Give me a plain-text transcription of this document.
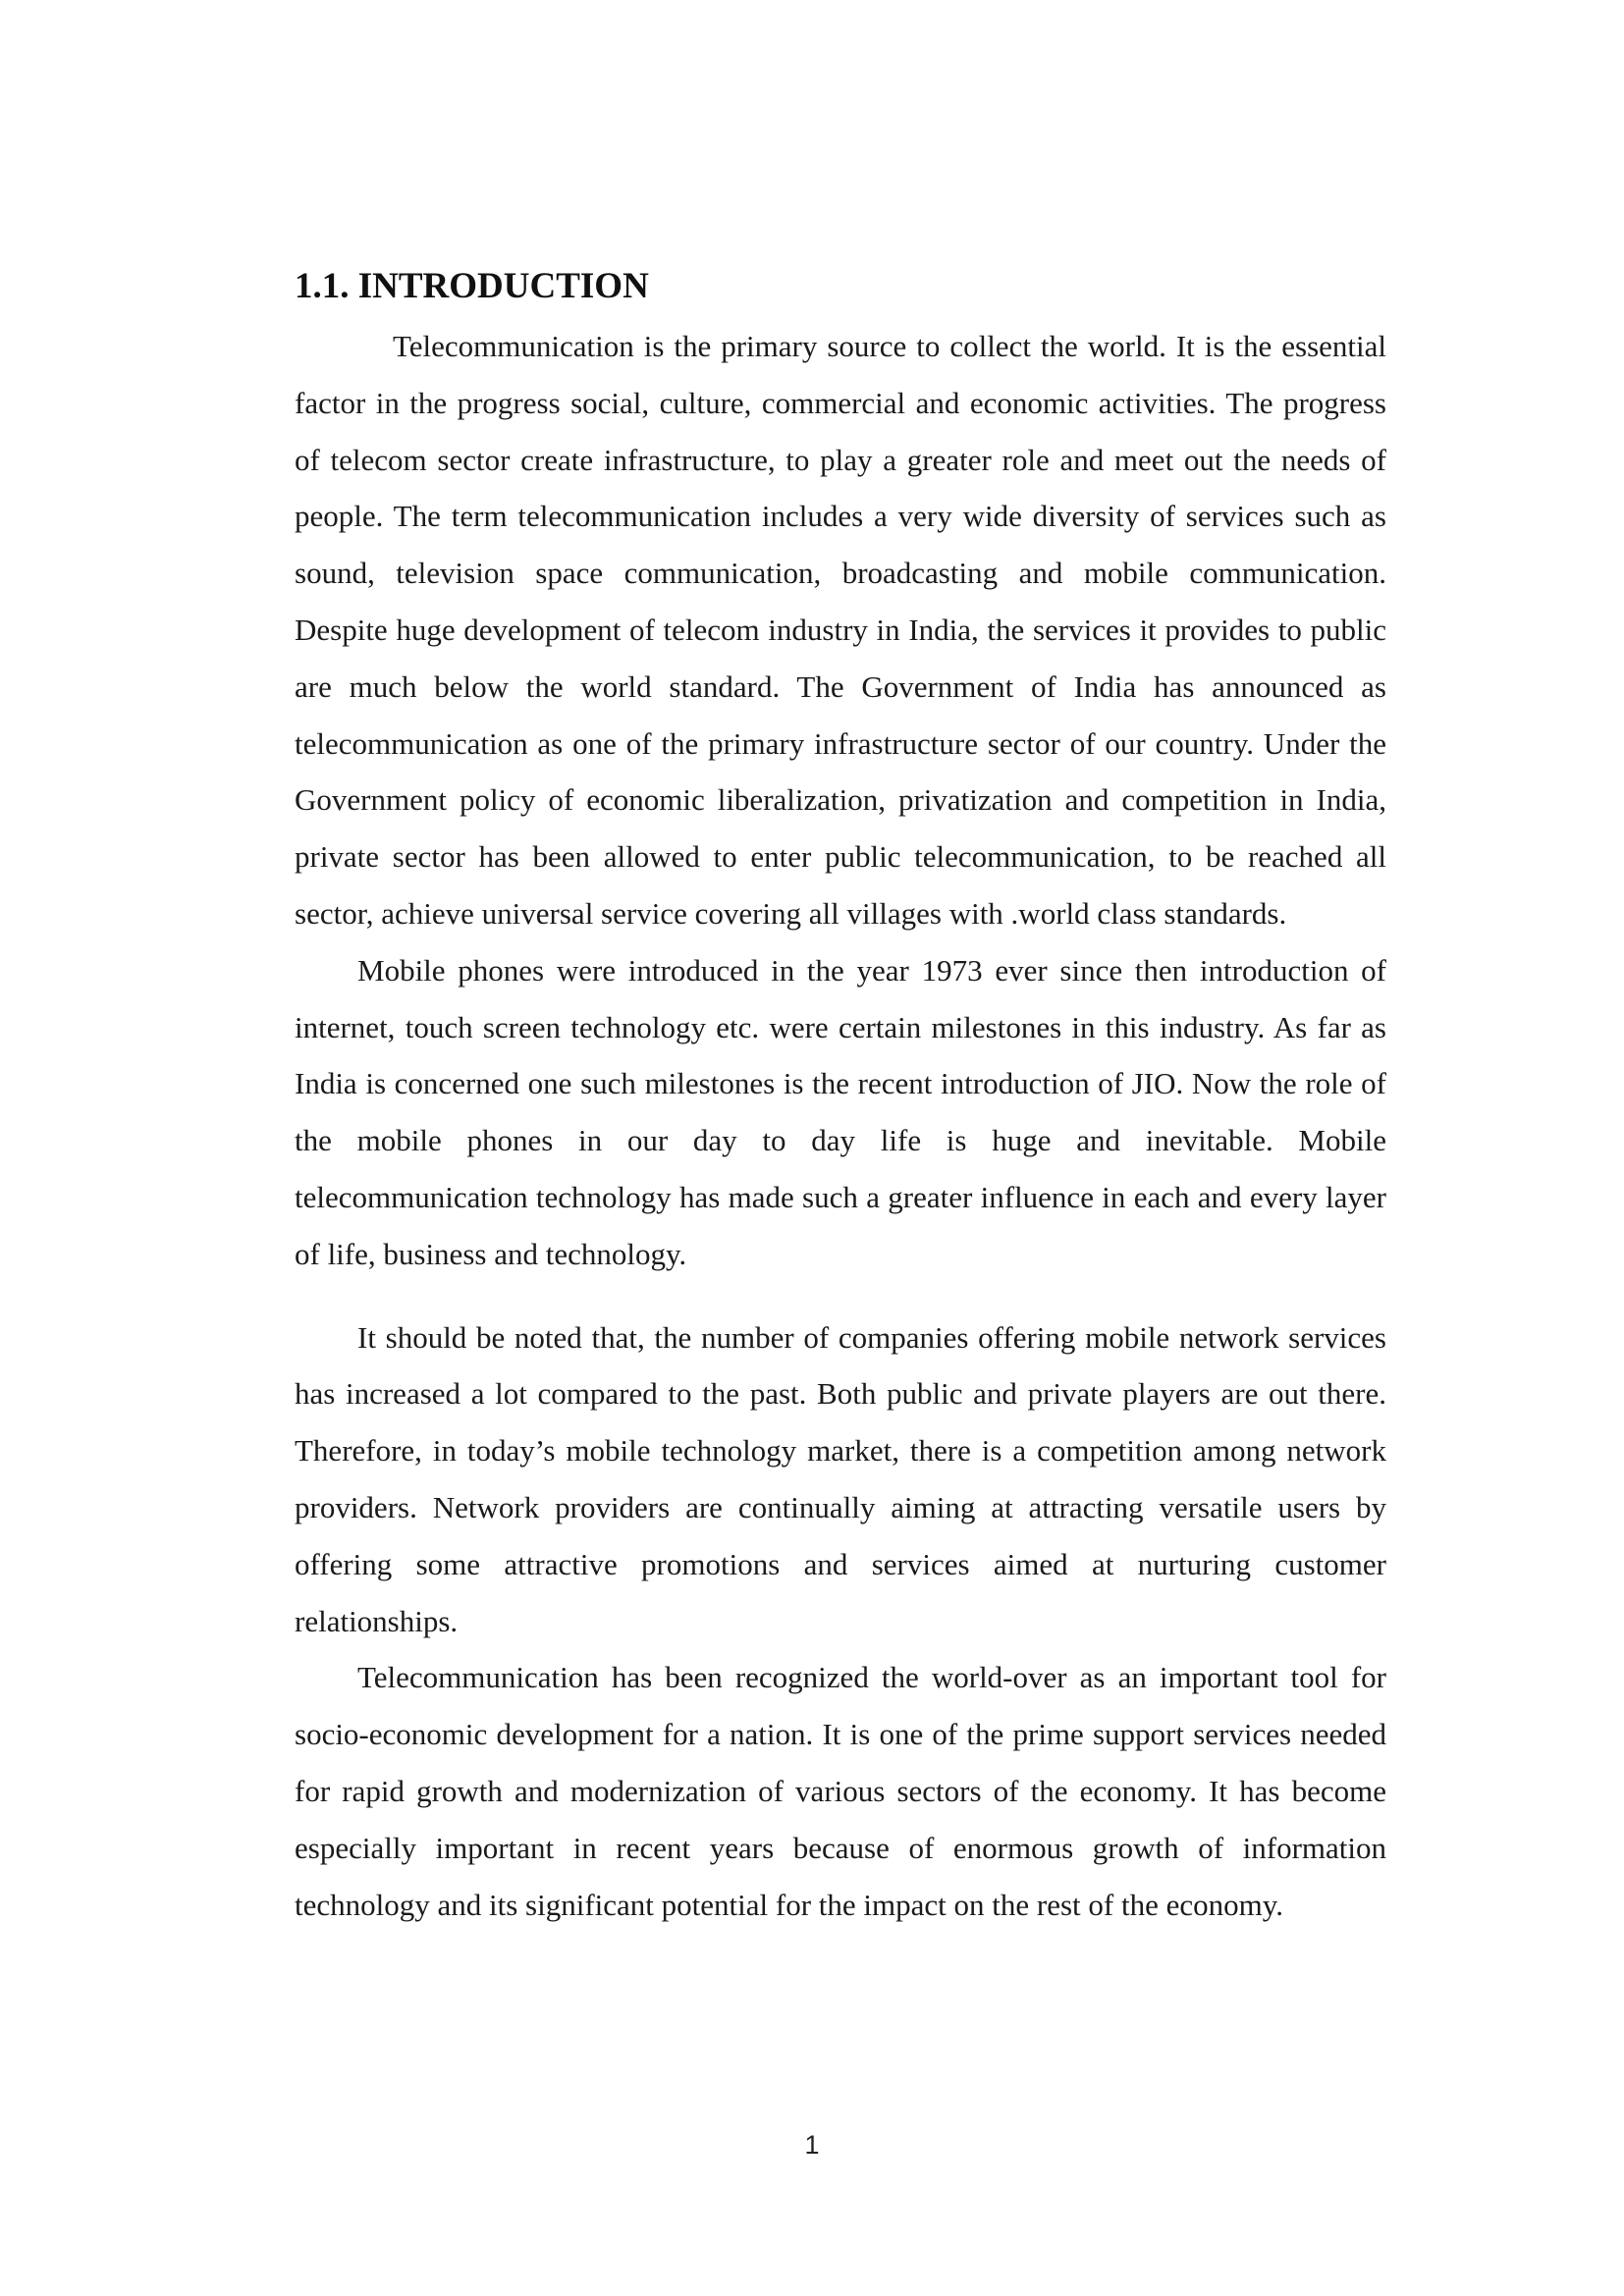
1.1. INTRODUCTION

Telecommunication is the primary source to collect the world. It is the essential factor in the progress social, culture, commercial and economic activities. The progress of telecom sector create infrastructure, to play a greater role and meet out the needs of people. The term telecommunication includes a very wide diversity of services such as sound, television space communication, broadcasting and mobile communication. Despite huge development of telecom industry in India, the services it provides to public are much below the world standard. The Government of India has announced as telecommunication as one of the primary infrastructure sector of our country. Under the Government policy of economic liberalization, privatization and competition in India, private sector has been allowed to enter public telecommunication, to be reached all sector, achieve universal service covering all villages with .world class standards.

Mobile phones were introduced in the year 1973 ever since then introduction of internet, touch screen technology etc. were certain milestones in this industry. As far as India is concerned one such milestones is the recent introduction of JIO. Now the role of the mobile phones in our day to day life is huge and inevitable. Mobile telecommunication technology has made such a greater influence in each and every layer of life, business and technology.

It should be noted that, the number of companies offering mobile network services has increased a lot compared to the past. Both public and private players are out there. Therefore, in today’s mobile technology market, there is a competition among network providers. Network providers are continually aiming at attracting versatile users by offering some attractive promotions and services aimed at nurturing customer relationships.

Telecommunication has been recognized the world-over as an important tool for socio-economic development for a nation. It is one of the prime support services needed for rapid growth and modernization of various sectors of the economy. It has become especially important in recent years because of enormous growth of information technology and its significant potential for the impact on the rest of the economy.

1
